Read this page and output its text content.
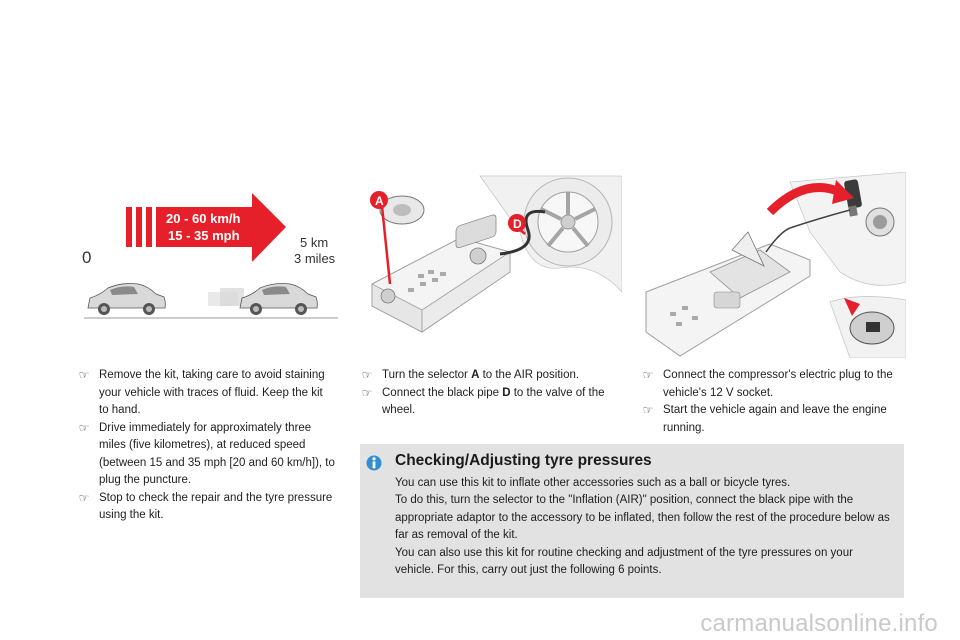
20 - 60 km/h
15 - 35 mph
0
5 km
3 miles
A
D
☞ Remove the kit, taking care to avoid staining your vehicle with traces of fluid. Keep the kit to hand.
☞ Drive immediately for approximately three miles (five kilometres), at reduced speed (between 15 and 35 mph [20 and 60 km/h]), to plug the puncture.
☞ Stop to check the repair and the tyre pressure using the kit.
☞ Turn the selector A to the AIR position.
☞ Connect the black pipe D to the valve of the wheel.
☞ Connect the compressor's electric plug to the vehicle's 12 V socket.
☞ Start the vehicle again and leave the engine running.
Checking/Adjusting tyre pressures

You can use this kit to inflate other accessories such as a ball or bicycle tyres.

To do this, turn the selector to the "Inflation (AIR)" position, connect the black pipe with the appropriate adaptor to the accessory to be inflated, then follow the rest of the procedure below as far as removal of the kit.

You can also use this kit for routine checking and adjustment of the tyre pressures on your vehicle. For this, carry out just the following 6 points.

carmanualsonline.info
